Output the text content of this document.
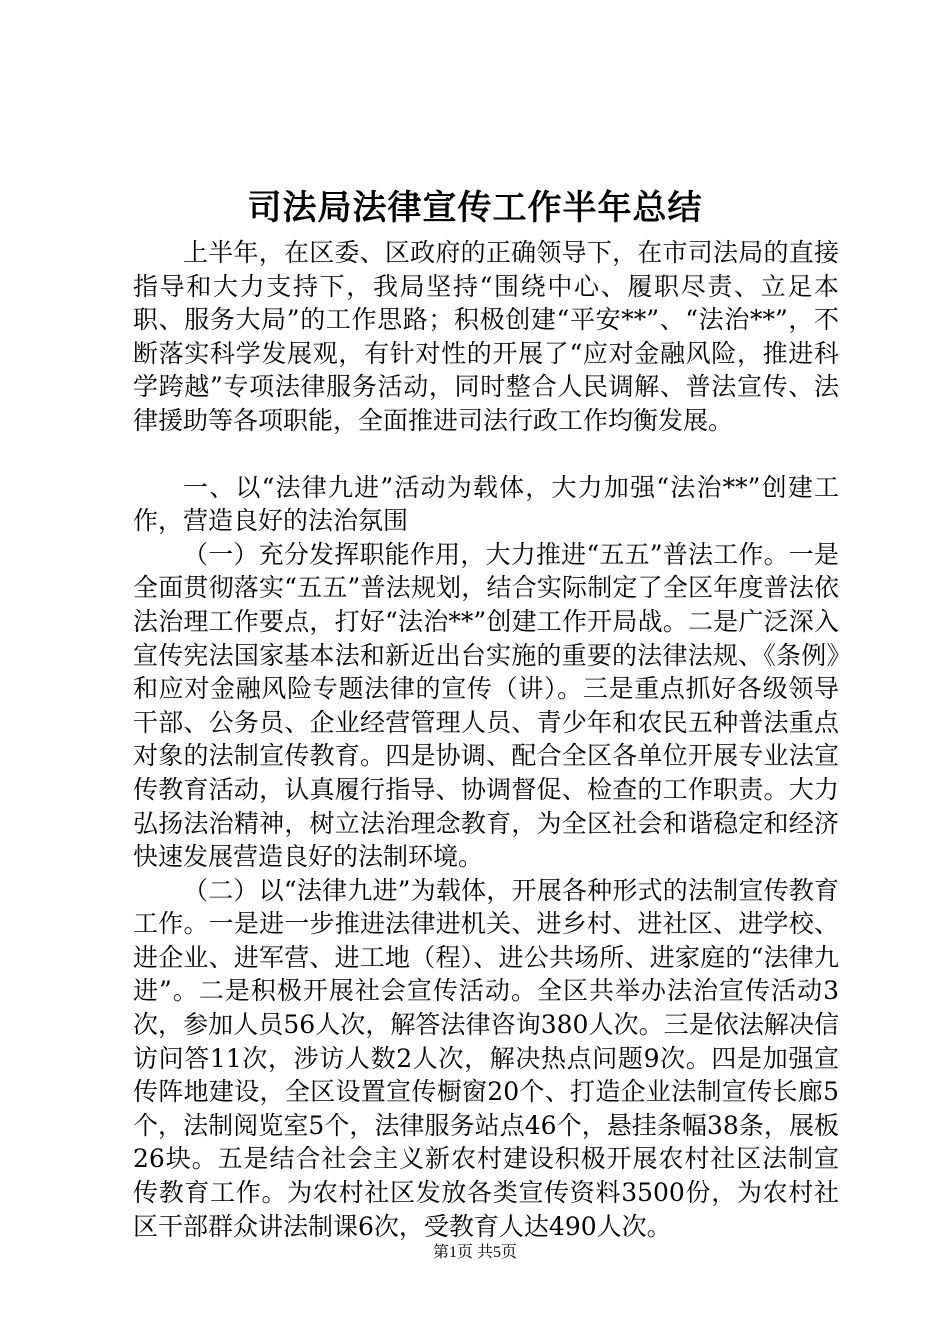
司法局法律宣传工作半年总结

上半年，在区委、区政府的正确领导下，在市司法局的直接指导和大力支持下，我局坚持“围绕中心、履职尽责、立足本职、服务大局”的工作思路；积极创建“平安**”、“法治**”，不断落实科学发展观，有针对性的开展了“应对金融风险，推进科学跨越”专项法律服务活动，同时整合人民调解、普法宣传、法律援助等各项职能，全面推进司法行政工作均衡发展。

一、以“法律九进”活动为载体，大力加强“法治**”创建工作，营造良好的法治氛围

（一）充分发挥职能作用，大力推进“五五”普法工作。一是全面贯彻落实“五五”普法规划，结合实际制定了全区年度普法依法治理工作要点，打好“法治**”创建工作开局战。二是广泛深入宣传宪法国家基本法和新近出台实施的重要的法律法规、《条例》和应对金融风险专题法律的宣传（讲）。三是重点抓好各级领导干部、公务员、企业经营管理人员、青少年和农民五种普法重点对象的法制宣传教育。四是协调、配合全区各单位开展专业法宣传教育活动，认真履行指导、协调督促、检查的工作职责。大力弘扬法治精神，树立法治理念教育，为全区社会和谐稳定和经济快速发展营造良好的法制环境。

（二）以“法律九进”为载体，开展各种形式的法制宣传教育工作。一是进一步推进法律进机关、进乡村、进社区、进学校、进企业、进军营、进工地（程）、进公共场所、进家庭的“法律九进”。二是积极开展社会宣传活动。全区共举办法治宣传活动3次，参加人员56人次，解答法律咨询380人次。三是依法解决信访问答11次，涉访人数2人次，解决热点问题9次。四是加强宣传阵地建设，全区设置宣传橱窗20个、打造企业法制宣传长廊5个，法制阅览室5个，法律服务站点46个，悬挂条幅38条，展板26块。五是结合社会主义新农村建设积极开展农村社区法制宣传教育工作。为农村社区发放各类宣传资料3500份，为农村社区干部群众讲法制课6次，受教育人达490人次。

第1页 共5页
